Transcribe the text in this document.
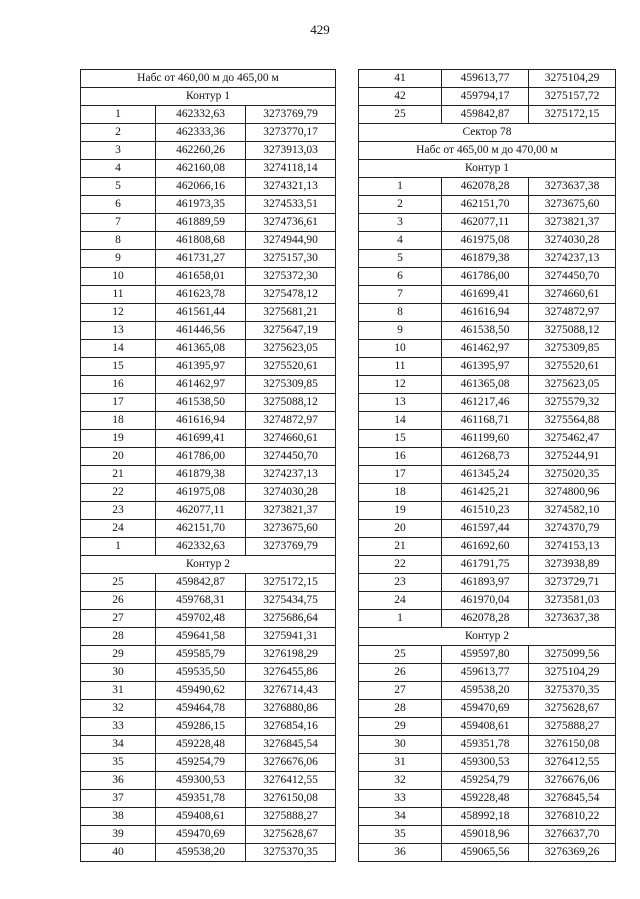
429
Набс от 460,00 м до 465,00 м		
Контур 1		
1	462332,63	3273769,79
2	462333,36	3273770,17
3	462260,26	3273913,03
4	462160,08	3274118,14
5	462066,16	3274321,13
6	461973,35	3274533,51
7	461889,59	3274736,61
8	461808,68	3274944,90
9	461731,27	3275157,30
10	461658,01	3275372,30
11	461623,78	3275478,12
12	461561,44	3275681,21
13	461446,56	3275647,19
14	461365,08	3275623,05
15	461395,97	3275520,61
16	461462,97	3275309,85
17	461538,50	3275088,12
18	461616,94	3274872,97
19	461699,41	3274660,61
20	461786,00	3274450,70
21	461879,38	3274237,13
22	461975,08	3274030,28
23	462077,11	3273821,37
24	462151,70	3273675,60
1	462332,63	3273769,79
Контур 2		
25	459842,87	3275172,15
26	459768,31	3275434,75
27	459702,48	3275686,64
28	459641,58	3275941,31
29	459585,79	3276198,29
30	459535,50	3276455,86
31	459490,62	3276714,43
32	459464,78	3276880,86
33	459286,15	3276854,16
34	459228,48	3276845,54
35	459254,79	3276676,06
36	459300,53	3276412,55
37	459351,78	3276150,08
38	459408,61	3275888,27
39	459470,69	3275628,67
40	459538,20	3275370,35
41	459613,77	3275104,29
42	459794,17	3275157,72
25	459842,87	3275172,15
Сектор 78		
Набс от 465,00 м до 470,00 м		
Контур 1		
1	462078,28	3273637,38
2	462151,70	3273675,60
3	462077,11	3273821,37
4	461975,08	3274030,28
5	461879,38	3274237,13
6	461786,00	3274450,70
7	461699,41	3274660,61
8	461616,94	3274872,97
9	461538,50	3275088,12
10	461462,97	3275309,85
11	461395,97	3275520,61
12	461365,08	3275623,05
13	461217,46	3275579,32
14	461168,71	3275564,88
15	461199,60	3275462,47
16	461268,73	3275244,91
17	461345,24	3275020,35
18	461425,21	3274800,96
19	461510,23	3274582,10
20	461597,44	3274370,79
21	461692,60	3274153,13
22	461791,75	3273938,89
23	461893,97	3273729,71
24	461970,04	3273581,03
1	462078,28	3273637,38
Контур 2		
25	459597,80	3275099,56
26	459613,77	3275104,29
27	459538,20	3275370,35
28	459470,69	3275628,67
29	459408,61	3275888,27
30	459351,78	3276150,08
31	459300,53	3276412,55
32	459254,79	3276676,06
33	459228,48	3276845,54
34	458992,18	3276810,22
35	459018,96	3276637,70
36	459065,56	3276369,26
